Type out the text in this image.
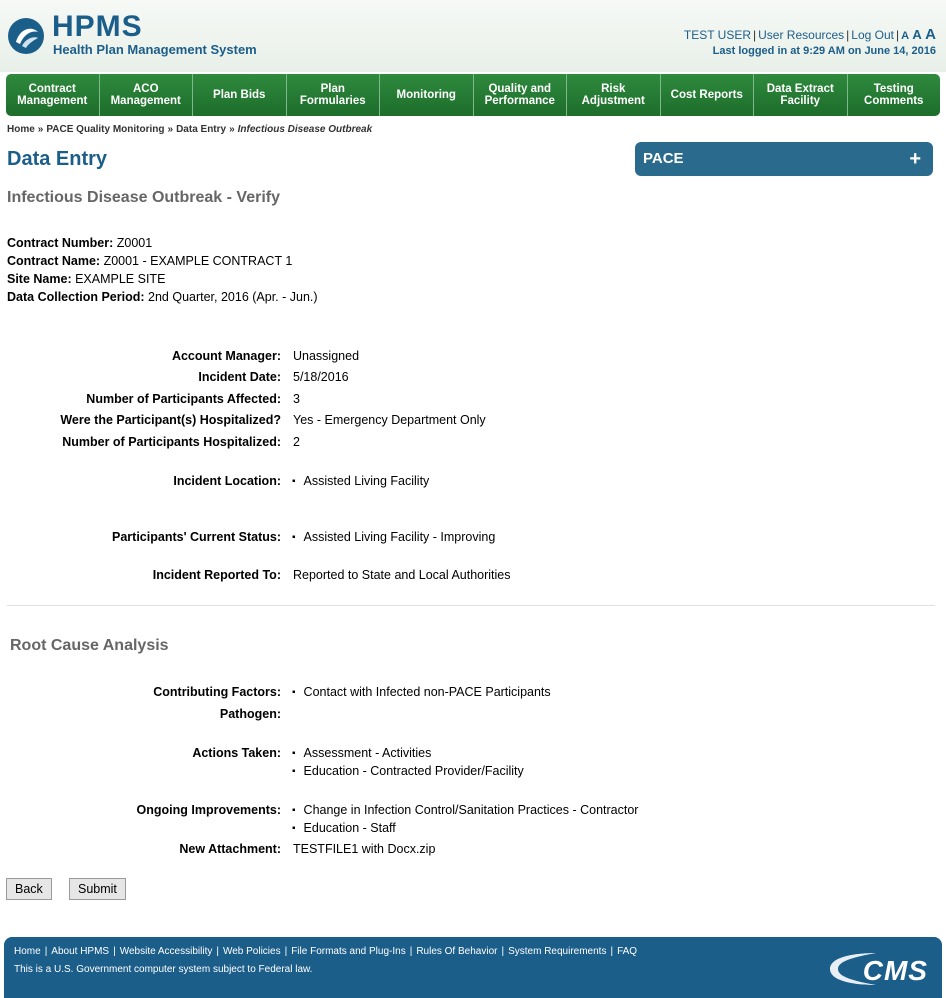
HPMS
Health Plan Management System
TEST USER | User Resources | Log Out | A A A
Last logged in at 9:29 AM on June 14, 2016
Contract
Management
ACO
Management	Plan Bids	Plan
Formularies	Monitoring	Quality and
Performance
Risk
Adjustment	Cost Reports	Data Extract
Facility
Testing
Comments
Home » PACE Quality Monitoring » Data Entry » Infectious Disease Outbreak
Data Entry
Infectious Disease Outbreak - Verify
PACE	+
Contract Number: Z0001
Contract Name: Z0001 - EXAMPLE CONTRACT 1
Site Name: EXAMPLE SITE
Data Collection Period: 2nd Quarter, 2016 (Apr. - Jun.)
Account Manager: Unassigned
Incident Date: 5/18/2016
Number of Participants Affected: 3
Were the Participant(s) Hospitalized? Yes - Emergency Department Only
Number of Participants Hospitalized: 2
Incident Location:	▪ Assisted Living Facility
Participants' Current Status:	▪ Assisted Living Facility - Improving
Incident Reported To: Reported to State and Local Authorities
Root Cause Analysis
Contributing Factors:	▪ Contact with Infected non-PACE Participants
Pathogen:
Actions Taken:	▪ Assessment - Activities
▪ Education - Contracted Provider/Facility
Ongoing Improvements:	▪ Change in Infection Control/Sanitation Practices - Contractor
▪ Education - Staff
New Attachment: TESTFILE1 with Docx.zip
Back	Submit
Home | About HPMS | Website Accessibility | Web Policies | File Formats and Plug-Ins | Rules Of Behavior | System Requirements | FAQ
This is a U.S. Government computer system subject to Federal law.	CMS
